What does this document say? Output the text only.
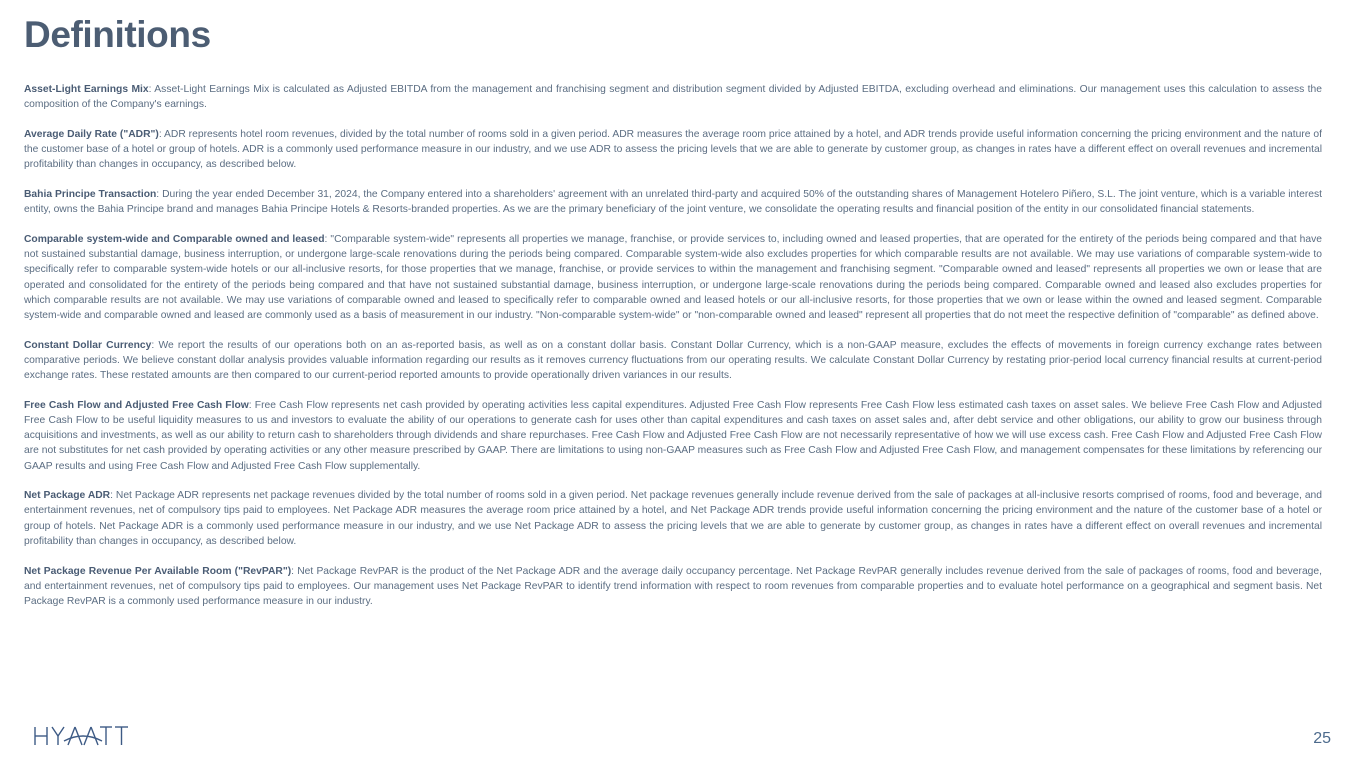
Definitions

Asset-Light Earnings Mix: Asset-Light Earnings Mix is calculated as Adjusted EBITDA from the management and franchising segment and distribution segment divided by Adjusted EBITDA, excluding overhead and eliminations. Our management uses this calculation to assess the composition of the Company's earnings.

Average Daily Rate ("ADR"): ADR represents hotel room revenues, divided by the total number of rooms sold in a given period. ADR measures the average room price attained by a hotel, and ADR trends provide useful information concerning the pricing environment and the nature of the customer base of a hotel or group of hotels. ADR is a commonly used performance measure in our industry, and we use ADR to assess the pricing levels that we are able to generate by customer group, as changes in rates have a different effect on overall revenues and incremental profitability than changes in occupancy, as described below.

Bahia Principe Transaction: During the year ended December 31, 2024, the Company entered into a shareholders' agreement with an unrelated third-party and acquired 50% of the outstanding shares of Management Hotelero Piñero, S.L. The joint venture, which is a variable interest entity, owns the Bahia Principe brand and manages Bahia Principe Hotels & Resorts-branded properties. As we are the primary beneficiary of the joint venture, we consolidate the operating results and financial position of the entity in our consolidated financial statements.

Comparable system-wide and Comparable owned and leased: "Comparable system-wide" represents all properties we manage, franchise, or provide services to, including owned and leased properties, that are operated for the entirety of the periods being compared and that have not sustained substantial damage, business interruption, or undergone large-scale renovations during the periods being compared. Comparable system-wide also excludes properties for which comparable results are not available. We may use variations of comparable system-wide to specifically refer to comparable system-wide hotels or our all-inclusive resorts, for those properties that we manage, franchise, or provide services to within the management and franchising segment. "Comparable owned and leased" represents all properties we own or lease that are operated and consolidated for the entirety of the periods being compared and that have not sustained substantial damage, business interruption, or undergone large-scale renovations during the periods being compared. Comparable owned and leased also excludes properties for which comparable results are not available. We may use variations of comparable owned and leased to specifically refer to comparable owned and leased hotels or our all-inclusive resorts, for those properties that we own or lease within the owned and leased segment. Comparable system-wide and comparable owned and leased are commonly used as a basis of measurement in our industry. "Non-comparable system-wide" or "non-comparable owned and leased" represent all properties that do not meet the respective definition of "comparable" as defined above.

Constant Dollar Currency: We report the results of our operations both on an as-reported basis, as well as on a constant dollar basis. Constant Dollar Currency, which is a non-GAAP measure, excludes the effects of movements in foreign currency exchange rates between comparative periods. We believe constant dollar analysis provides valuable information regarding our results as it removes currency fluctuations from our operating results. We calculate Constant Dollar Currency by restating prior-period local currency financial results at current-period exchange rates. These restated amounts are then compared to our current-period reported amounts to provide operationally driven variances in our results.

Free Cash Flow and Adjusted Free Cash Flow: Free Cash Flow represents net cash provided by operating activities less capital expenditures. Adjusted Free Cash Flow represents Free Cash Flow less estimated cash taxes on asset sales. We believe Free Cash Flow and Adjusted Free Cash Flow to be useful liquidity measures to us and investors to evaluate the ability of our operations to generate cash for uses other than capital expenditures and cash taxes on asset sales and, after debt service and other obligations, our ability to grow our business through acquisitions and investments, as well as our ability to return cash to shareholders through dividends and share repurchases. Free Cash Flow and Adjusted Free Cash Flow are not necessarily representative of how we will use excess cash. Free Cash Flow and Adjusted Free Cash Flow are not substitutes for net cash provided by operating activities or any other measure prescribed by GAAP. There are limitations to using non-GAAP measures such as Free Cash Flow and Adjusted Free Cash Flow, and management compensates for these limitations by referencing our GAAP results and using Free Cash Flow and Adjusted Free Cash Flow supplementally.

Net Package ADR: Net Package ADR represents net package revenues divided by the total number of rooms sold in a given period. Net package revenues generally include revenue derived from the sale of packages at all-inclusive resorts comprised of rooms, food and beverage, and entertainment revenues, net of compulsory tips paid to employees. Net Package ADR measures the average room price attained by a hotel, and Net Package ADR trends provide useful information concerning the pricing environment and the nature of the customer base of a hotel or group of hotels. Net Package ADR is a commonly used performance measure in our industry, and we use Net Package ADR to assess the pricing levels that we are able to generate by customer group, as changes in rates have a different effect on overall revenues and incremental profitability than changes in occupancy, as described below.

Net Package Revenue Per Available Room ("RevPAR"): Net Package RevPAR is the product of the Net Package ADR and the average daily occupancy percentage. Net Package RevPAR generally includes revenue derived from the sale of packages of rooms, food and beverage, and entertainment revenues, net of compulsory tips paid to employees. Our management uses Net Package RevPAR to identify trend information with respect to room revenues from comparable properties and to evaluate hotel performance on a geographical and segment basis. Net Package RevPAR is a commonly used performance measure in our industry.

25
